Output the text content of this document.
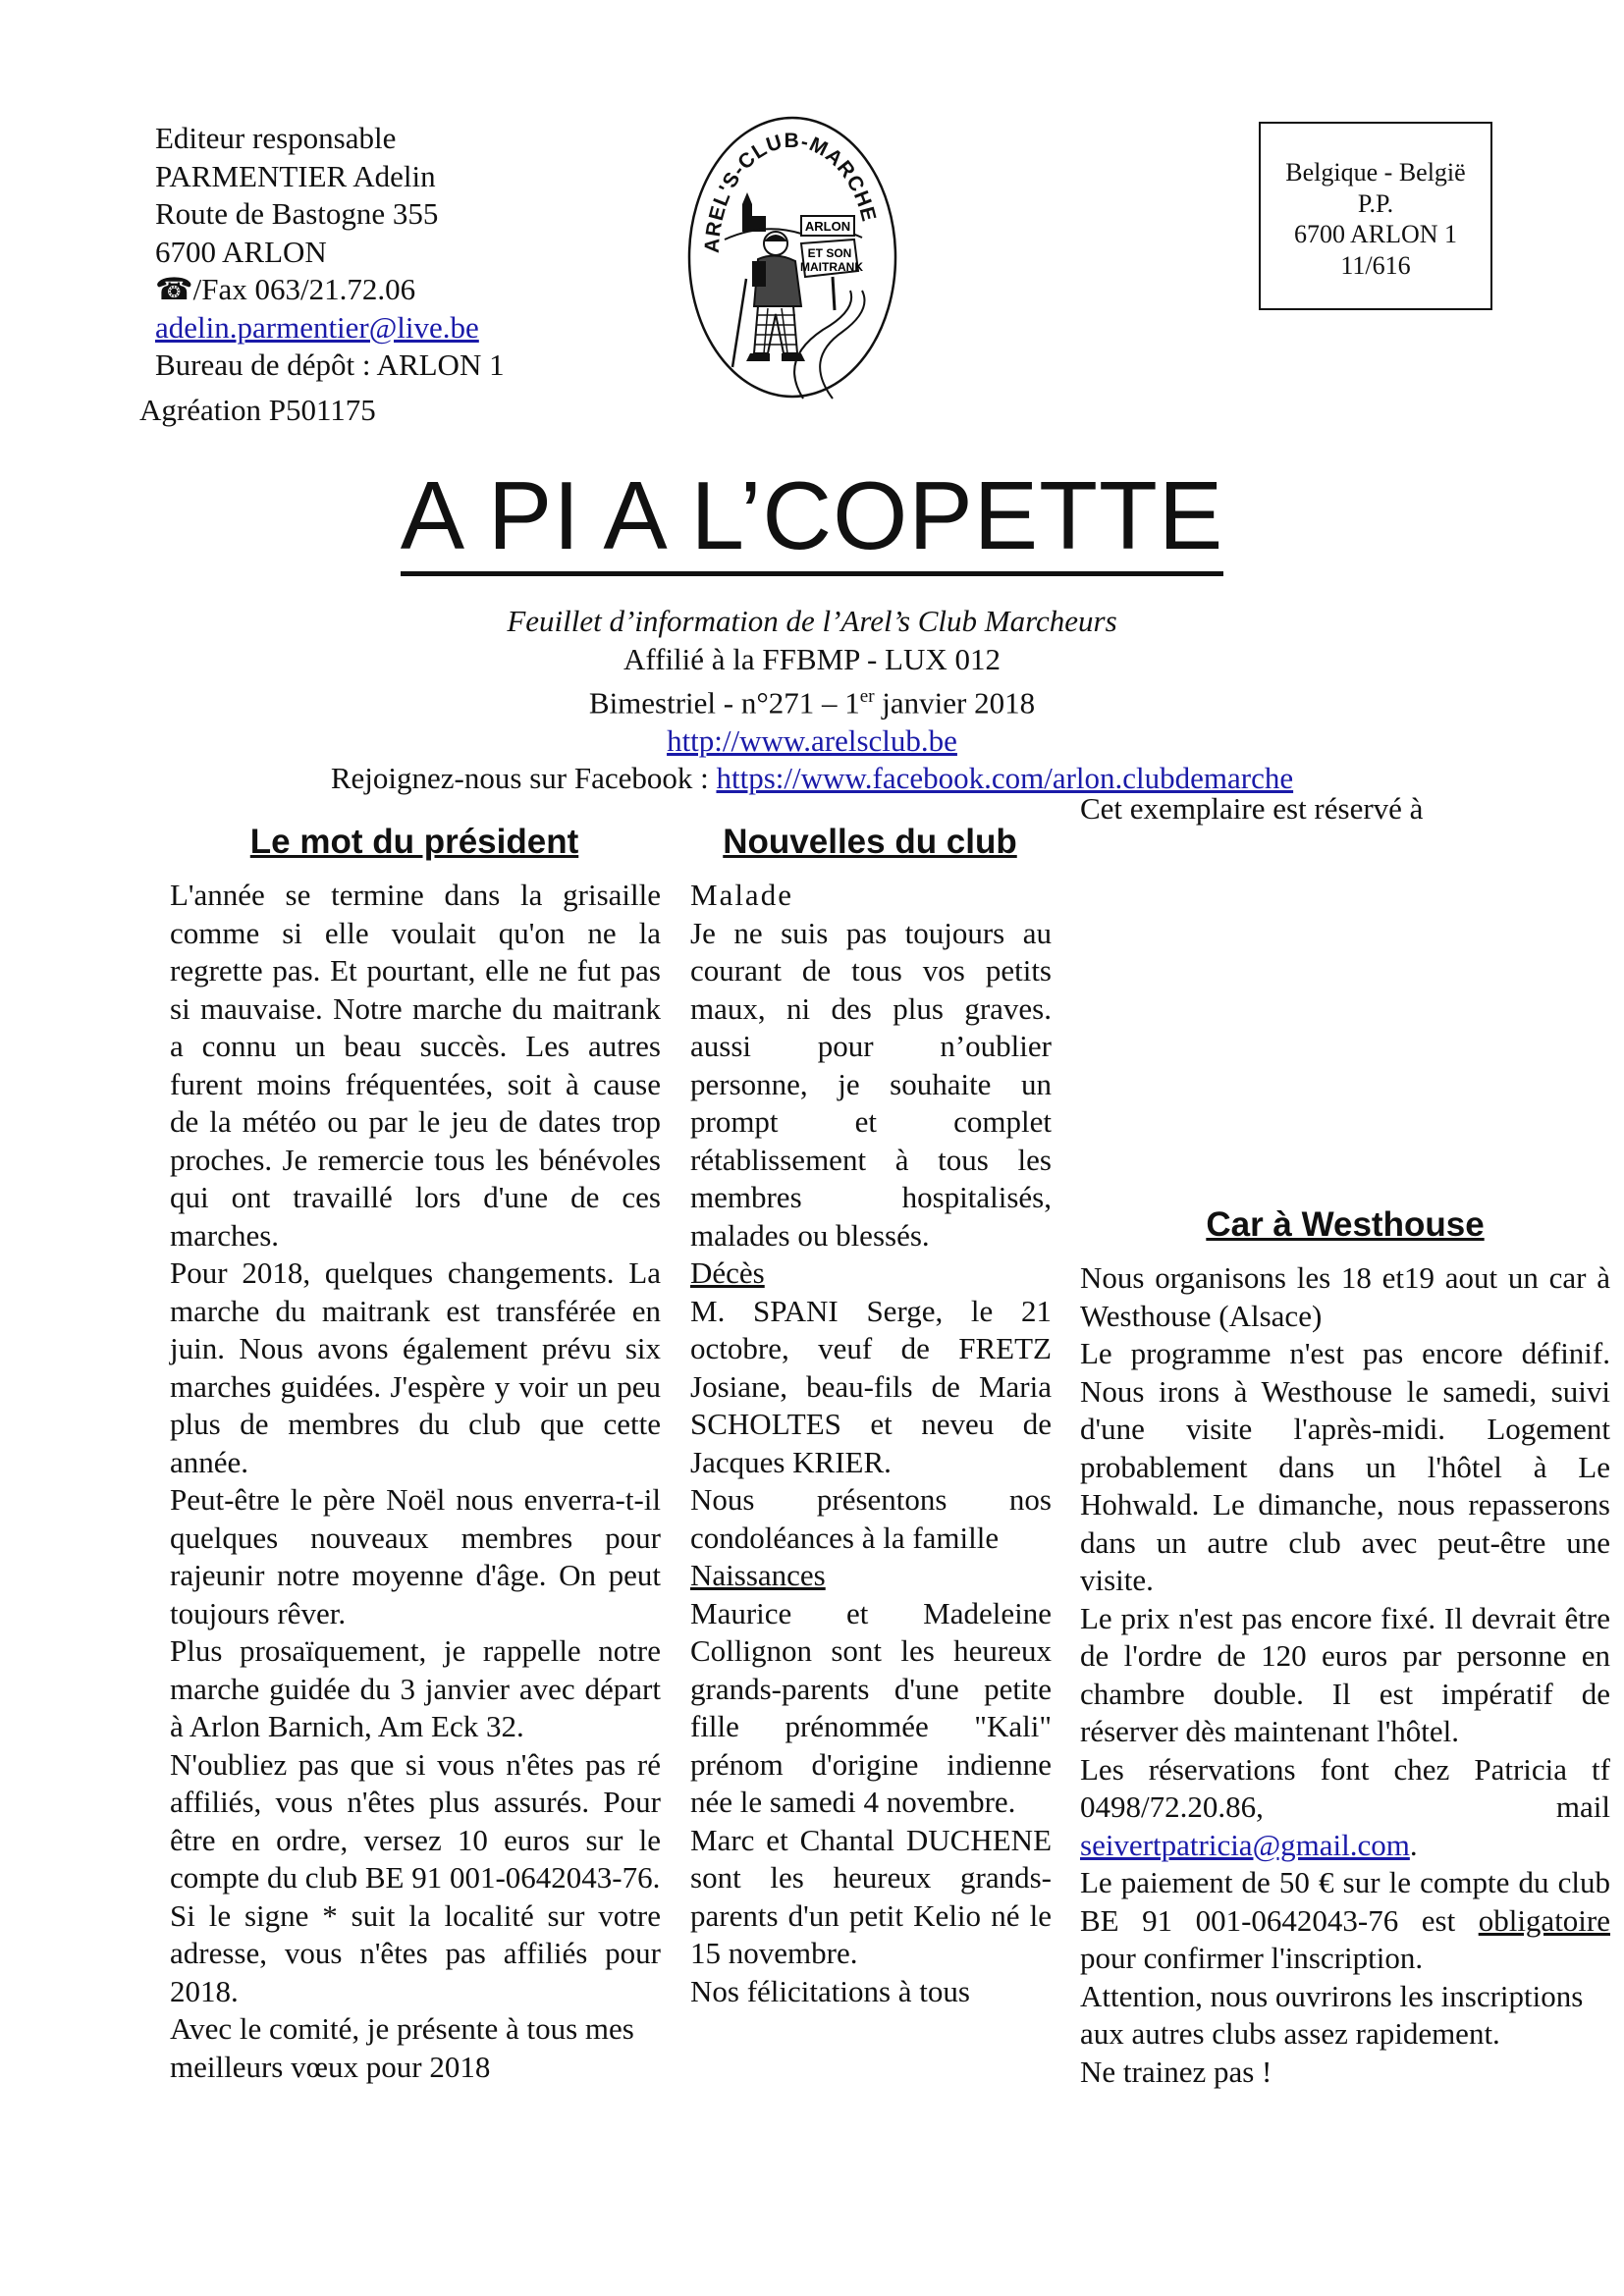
Editeur responsable
PARMENTIER Adelin
Route de Bastogne 355
6700 ARLON
☎/Fax 063/21.72.06
adelin.parmentier@live.be
Bureau de dépôt : ARLON 1
Agréation P501175
AREL'S-CLUB-MARCHE
ARLON
ET SON
MAITRANK
Belgique - België
P.P.
6700 ARLON 1
11/616
A PI A L’COPETTE
Feuillet d’information de l’Arel’s Club Marcheurs
Affilié à la FFBMP - LUX 012
Bimestriel - n°271 – 1er janvier 2018
http://www.arelsclub.be
Rejoignez-nous sur Facebook : https://www.facebook.com/arlon.clubdemarche
Cet exemplaire est réservé à
Le mot du président

L'année se termine dans la grisaille comme si elle voulait qu'on ne la regrette pas. Et pourtant, elle ne fut pas si mauvaise. Notre marche du maitrank a connu un beau succès. Les autres furent moins fréquentées, soit à cause de la météo ou par le jeu de dates trop proches. Je remercie tous les bénévoles qui ont travaillé lors d'une de ces marches.

Pour 2018, quelques changements. La marche du maitrank est transférée en juin. Nous avons également prévu six marches guidées. J'espère y voir un peu plus de membres du club que cette année.

Peut-être le père Noël nous enverra-t-il quelques nouveaux membres pour rajeunir notre moyenne d'âge. On peut toujours rêver.

Plus prosaïquement, je rappelle notre marche guidée du 3 janvier avec départ à Arlon Barnich, Am Eck 32.

N'oubliez pas que si vous n'êtes pas ré affiliés, vous n'êtes plus assurés. Pour être en ordre, versez 10 euros sur le compte du club BE 91 001-0642043-76.

Si le signe * suit la localité sur votre adresse, vous n'êtes pas affiliés pour 2018.

Avec le comité, je présente à tous mes meilleurs vœux pour 2018

Nouvelles du club

Malade

Je ne suis pas toujours au courant de tous vos petits maux, ni des plus graves. aussi pour n’oublier personne, je souhaite un prompt et complet rétablissement à tous les membres hospitalisés, malades ou blessés.

Décès

M. SPANI Serge, le 21 octobre, veuf de FRETZ Josiane, beau-fils de Maria SCHOLTES et neveu de Jacques KRIER.

Nous présentons nos condoléances à la famille

Naissances

Maurice et Madeleine Collignon sont les heureux grands-parents d'une petite fille prénommée "Kali" prénom d'origine indienne née le samedi 4 novembre.

Marc et Chantal DUCHENE sont les heureux grands-parents d'un petit Kelio né le 15 novembre.

Nos félicitations à tous

Car à Westhouse

Nous organisons les 18 et19 aout un car à Westhouse (Alsace)

Le programme n'est pas encore définif. Nous irons à Westhouse le samedi, suivi d'une visite l'après-midi. Logement probablement dans un l'hôtel à Le Hohwald. Le dimanche, nous repasserons dans un autre club avec peut-être une visite.

Le prix n'est pas encore fixé. Il devrait être de l'ordre de 120 euros par personne en chambre double. Il est impératif de réserver dès maintenant l'hôtel.

Les réservations font chez Patricia tf 0498/72.20.86, mail seivertpatricia@gmail.com.

Le paiement de 50 € sur le compte du club BE 91 001-0642043-76 est obligatoire pour confirmer l'inscription.

Attention, nous ouvrirons les inscriptions aux autres clubs assez rapidement.

Ne trainez pas !
